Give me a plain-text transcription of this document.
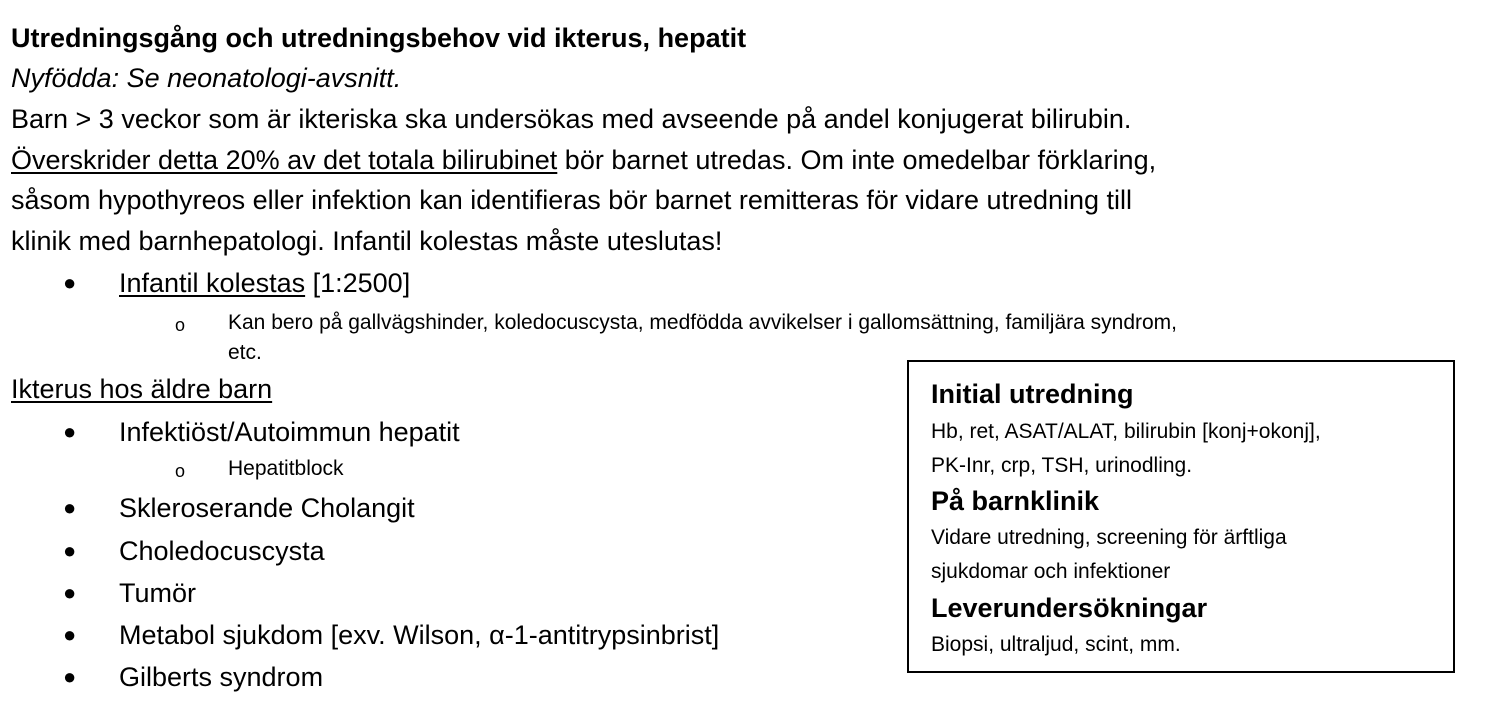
Utredningsgång och utredningsbehov vid ikterus, hepatit
Nyfödda: Se neonatologi-avsnitt.
Barn > 3 veckor som är ikteriska ska undersökas med avseende på andel konjugerat bilirubin.
Överskrider detta 20% av det totala bilirubinet bör barnet utredas. Om inte omedelbar förklaring,
såsom hypothyreos eller infektion kan identifieras bör barnet remitteras för vidare utredning till
klinik med barnhepatologi. Infantil kolestas måste uteslutas!
● Infantil kolestas [1:2500]
o Kan bero på gallvägshinder, koledocuscysta, medfödda avvikelser i gallomsättning, familjära syndrom,
etc.
Ikterus hos äldre barn
● Infektiöst/Autoimmun hepatit
o Hepatitblock
● Skleroserande Cholangit
● Choledocuscysta
● Tumör
● Metabol sjukdom [exv. Wilson, α-1-antitrypsinbrist]
● Gilberts syndrom
Initial utredning
Hb, ret, ASAT/ALAT, bilirubin [konj+okonj],
PK-Inr, crp, TSH, urinodling.
På barnklinik
Vidare utredning, screening för ärftliga
sjukdomar och infektioner
Leverundersökningar
Biopsi, ultraljud, scint, mm.
